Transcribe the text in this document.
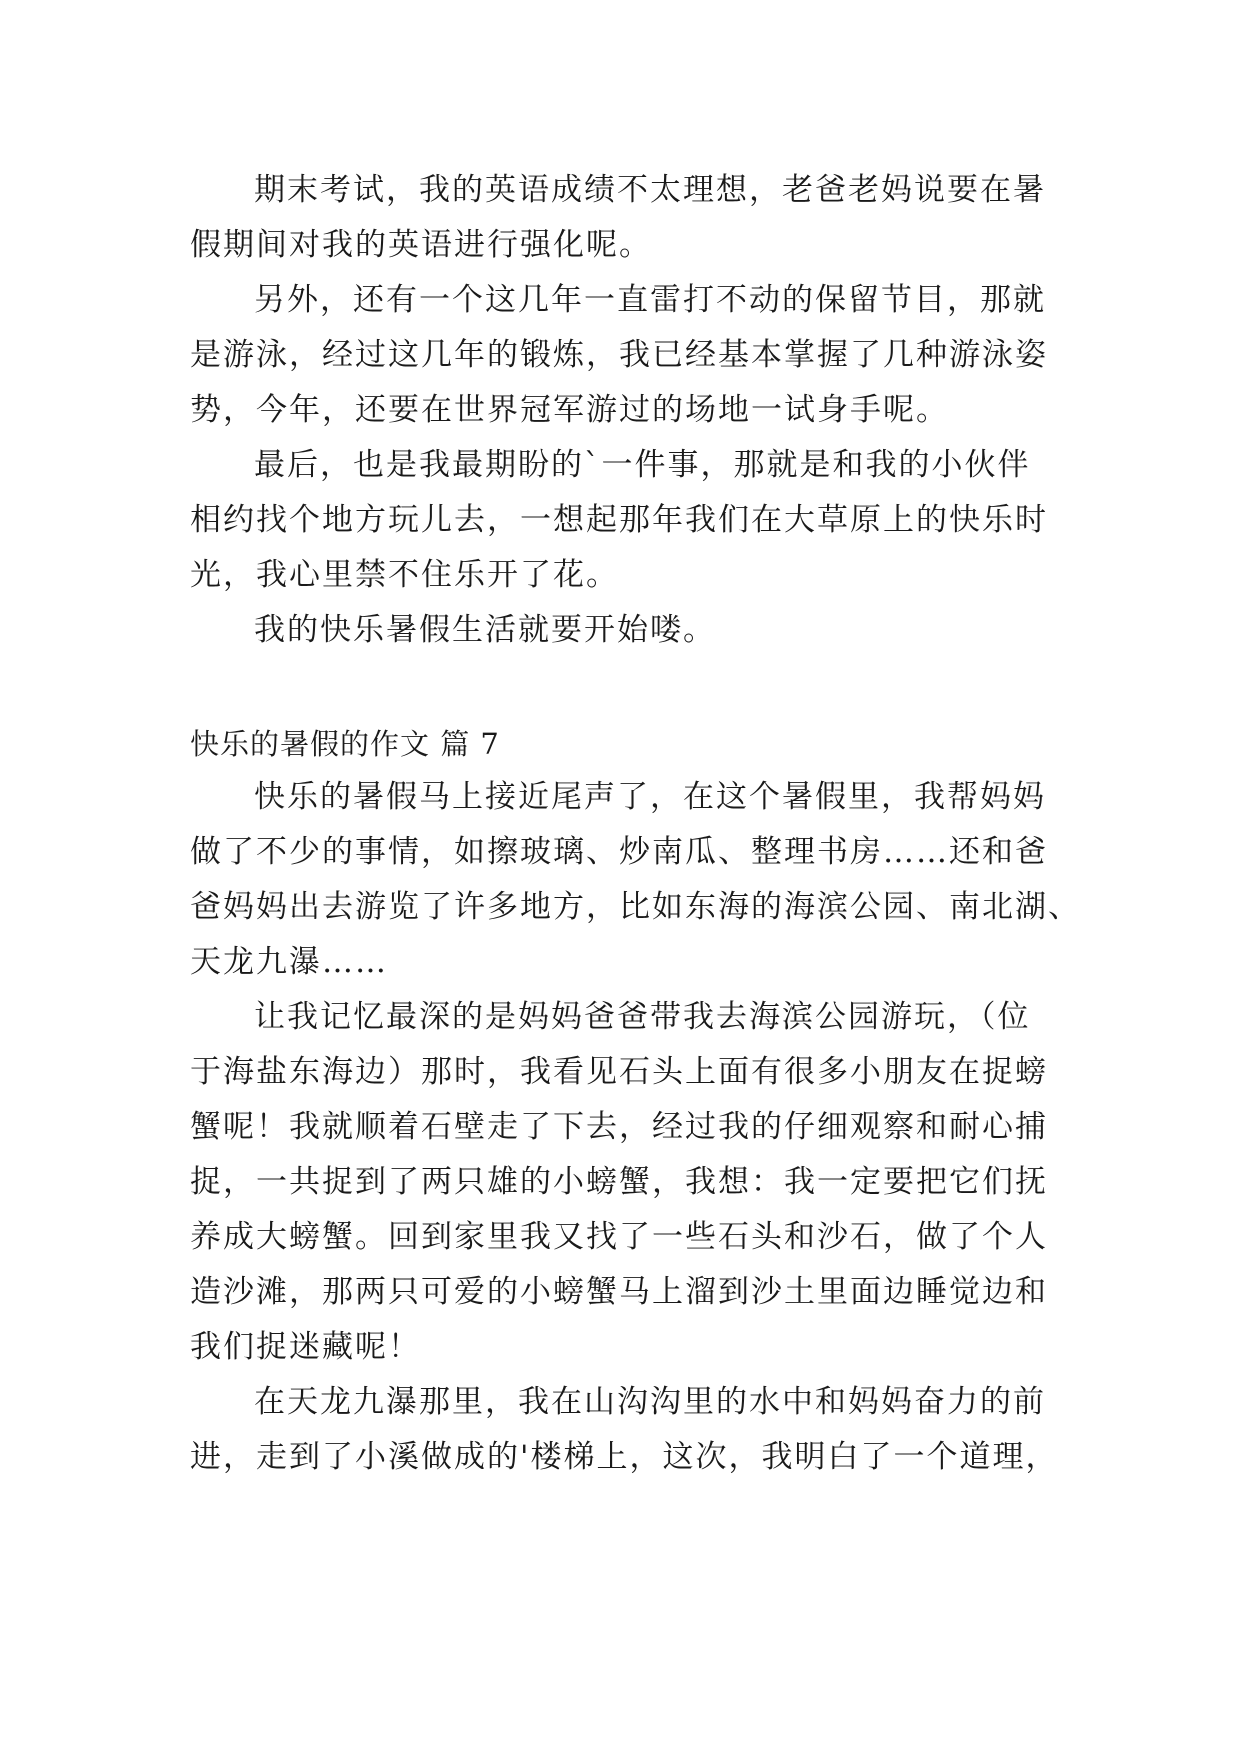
期末考试，我的英语成绩不太理想，老爸老妈说要在暑
假期间对我的英语进行强化呢。
另外，还有一个这几年一直雷打不动的保留节目，那就
是游泳，经过这几年的锻炼，我已经基本掌握了几种游泳姿
势，今年，还要在世界冠军游过的场地一试身手呢。
最后，也是我最期盼的`一件事，那就是和我的小伙伴
相约找个地方玩儿去，一想起那年我们在大草原上的快乐时
光，我心里禁不住乐开了花。
我的快乐暑假生活就要开始喽。
快乐的暑假的作文 篇 7
快乐的暑假马上接近尾声了，在这个暑假里，我帮妈妈
做了不少的事情，如擦玻璃、炒南瓜、整理书房……还和爸
爸妈妈出去游览了许多地方，比如东海的海滨公园、南北湖、
天龙九瀑……
让我记忆最深的是妈妈爸爸带我去海滨公园游玩，（位
于海盐东海边）那时，我看见石头上面有很多小朋友在捉螃
蟹呢！我就顺着石壁走了下去，经过我的仔细观察和耐心捕
捉，一共捉到了两只雄的小螃蟹，我想：我一定要把它们抚
养成大螃蟹。回到家里我又找了一些石头和沙石，做了个人
造沙滩，那两只可爱的小螃蟹马上溜到沙土里面边睡觉边和
我们捉迷藏呢！
在天龙九瀑那里，我在山沟沟里的水中和妈妈奋力的前
进，走到了小溪做成的'楼梯上，这次，我明白了一个道理，
